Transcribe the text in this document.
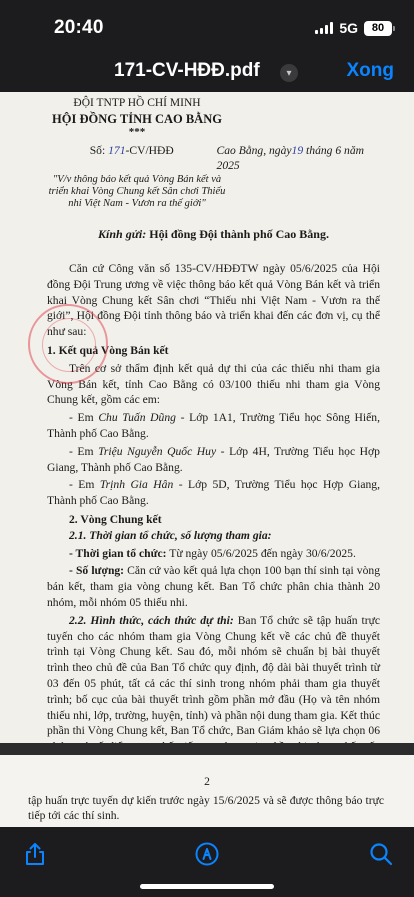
20:40	5G	80
171-CV-HĐĐ.pdf	▾	Xong
ĐỘI TNTP HỒ CHÍ MINH
HỘI ĐỒNG TỈNH CAO BẰNG
***
Số: 171-CV/HĐĐ	Cao Bằng, ngày19 tháng 6 năm 2025
"V/v thông báo kết quả Vòng Bán kết và triển khai Vòng Chung kết Sân chơi Thiếu nhi Việt Nam - Vươn ra thế giới"
Kính gửi: Hội đồng Đội thành phố Cao Bằng.

Căn cứ Công văn số 135-CV/HĐĐTW ngày 05/6/2025 của Hội đồng Đội Trung ương về việc thông báo kết quả Vòng Bán kết và triển khai Vòng Chung kết Sân chơi “Thiếu nhi Việt Nam - Vươn ra thế giới”, Hội đồng Đội tỉnh thông báo và triển khai đến các đơn vị, cụ thể như sau:

1. Kết quả Vòng Bán kết

Trên cơ sở thẩm định kết quả dự thi của các thiếu nhi tham gia Vòng Bán kết, tỉnh Cao Bằng có 03/100 thiếu nhi tham gia Vòng Chung kết, gồm các em:

- Em Chu Tuấn Dũng - Lớp 1A1, Trường Tiểu học Sông Hiến, Thành phố Cao Bằng.

- Em Triệu Nguyễn Quốc Huy - Lớp 4H, Trường Tiểu học Hợp Giang, Thành phố Cao Bằng.

- Em Trịnh Gia Hân - Lớp 5D, Trường Tiểu học Hợp Giang, Thành phố Cao Bằng.

2. Vòng Chung kết

2.1. Thời gian tổ chức, số lượng tham gia:

- Thời gian tổ chức: Từ ngày 05/6/2025 đến ngày 30/6/2025.

- Số lượng: Căn cứ vào kết quả lựa chọn 100 bạn thí sinh tại vòng bán kết, tham gia vòng chung kết. Ban Tổ chức phân chia thành 20 nhóm, mỗi nhóm 05 thiếu nhi.

2.2. Hình thức, cách thức dự thi: Ban Tổ chức sẽ tập huấn trực tuyến cho các nhóm tham gia Vòng Chung kết về các chủ đề thuyết trình tại Vòng Chung kết. Sau đó, mỗi nhóm sẽ chuẩn bị bài thuyết trình theo chủ đề của Ban Tổ chức quy định, độ dài bài thuyết trình từ 03 đến 05 phút, tất cả các thí sinh trong nhóm phải tham gia thuyết trình; bố cục của bài thuyết trình gồm phần mở đầu (Họ và tên nhóm thiếu nhi, lớp, trường, huyện, tỉnh) và phần nội dung tham gia. Kết thúc phần thi Vòng Chung kết, Ban Tổ chức, Ban Giám khảo sẽ lựa chọn 06

2
tập huấn trực tuyến dự kiến trước ngày 15/6/2025 và sẽ được thông báo trực tiếp tới các thí sinh.
